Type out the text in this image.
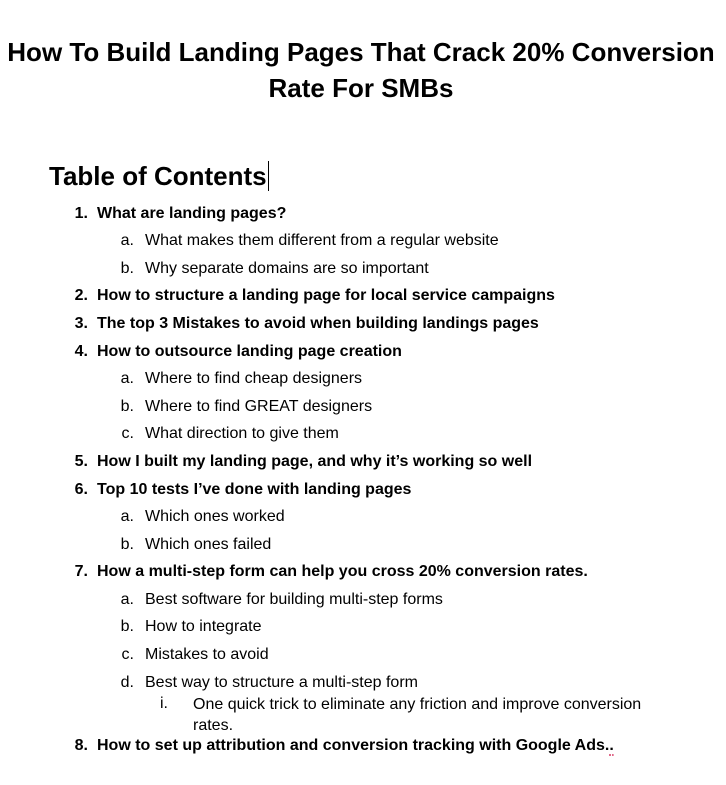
How To Build Landing Pages That Crack 20% Conversion Rate For SMBs
Table of Contents
1. What are landing pages?
a. What makes them different from a regular website
b. Why separate domains are so important
2. How to structure a landing page for local service campaigns
3. The top 3 Mistakes to avoid when building landings pages
4. How to outsource landing page creation
a. Where to find cheap designers
b. Where to find GREAT designers
c. What direction to give them
5. How I built my landing page, and why it’s working so well
6. Top 10 tests I’ve done with landing pages
a. Which ones worked
b. Which ones failed
7. How a multi-step form can help you cross 20% conversion rates.
a. Best software for building multi-step forms
b. How to integrate
c. Mistakes to avoid
d. Best way to structure a multi-step form
i. One quick trick to eliminate any friction and improve conversion rates.
8. How to set up attribution and conversion tracking with Google Ads..
